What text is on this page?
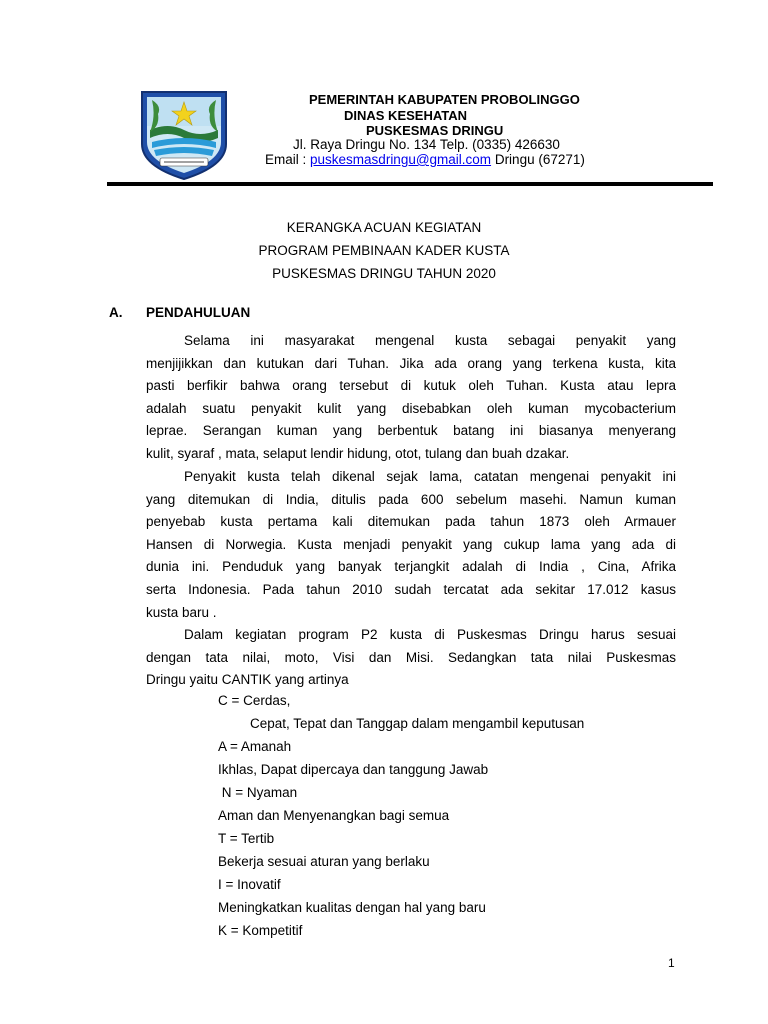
PEMERINTAH KABUPATEN PROBOLINGGO
DINAS KESEHATAN
PUSKESMAS DRINGU
Jl. Raya Dringu No. 134 Telp. (0335) 426630
Email : puskesmasdringu@gmail.com Dringu (67271)
KERANGKA ACUAN KEGIATAN
PROGRAM PEMBINAAN KADER KUSTA
PUSKESMAS DRINGU TAHUN 2020
A. PENDAHULUAN
Selama ini masyarakat mengenal kusta sebagai penyakit yang
menjijikkan dan kutukan dari Tuhan. Jika ada orang yang terkena kusta, kita
pasti berfikir bahwa orang tersebut di kutuk oleh Tuhan. Kusta atau lepra
adalah suatu penyakit kulit yang disebabkan oleh kuman mycobacterium
leprae. Serangan kuman yang berbentuk batang ini biasanya menyerang
kulit, syaraf , mata, selaput lendir hidung, otot, tulang dan buah dzakar.
Penyakit kusta telah dikenal sejak lama, catatan mengenai penyakit ini
yang ditemukan di India, ditulis pada 600 sebelum masehi. Namun kuman
penyebab kusta pertama kali ditemukan pada tahun 1873 oleh Armauer
Hansen di Norwegia. Kusta menjadi penyakit yang cukup lama yang ada di
dunia ini. Penduduk yang banyak terjangkit adalah di India , Cina, Afrika
serta Indonesia. Pada tahun 2010 sudah tercatat ada sekitar 17.012 kasus
kusta baru .
Dalam kegiatan program P2 kusta di Puskesmas Dringu harus sesuai
dengan tata nilai, moto, Visi dan Misi. Sedangkan tata nilai Puskesmas
Dringu yaitu CANTIK yang artinya
C = Cerdas,
Cepat, Tepat dan Tanggap dalam mengambil keputusan
A = Amanah
Ikhlas, Dapat dipercaya dan tanggung Jawab
N = Nyaman
Aman dan Menyenangkan bagi semua
T = Tertib
Bekerja sesuai aturan yang berlaku
I = Inovatif
Meningkatkan kualitas dengan hal yang baru
K = Kompetitif
1
